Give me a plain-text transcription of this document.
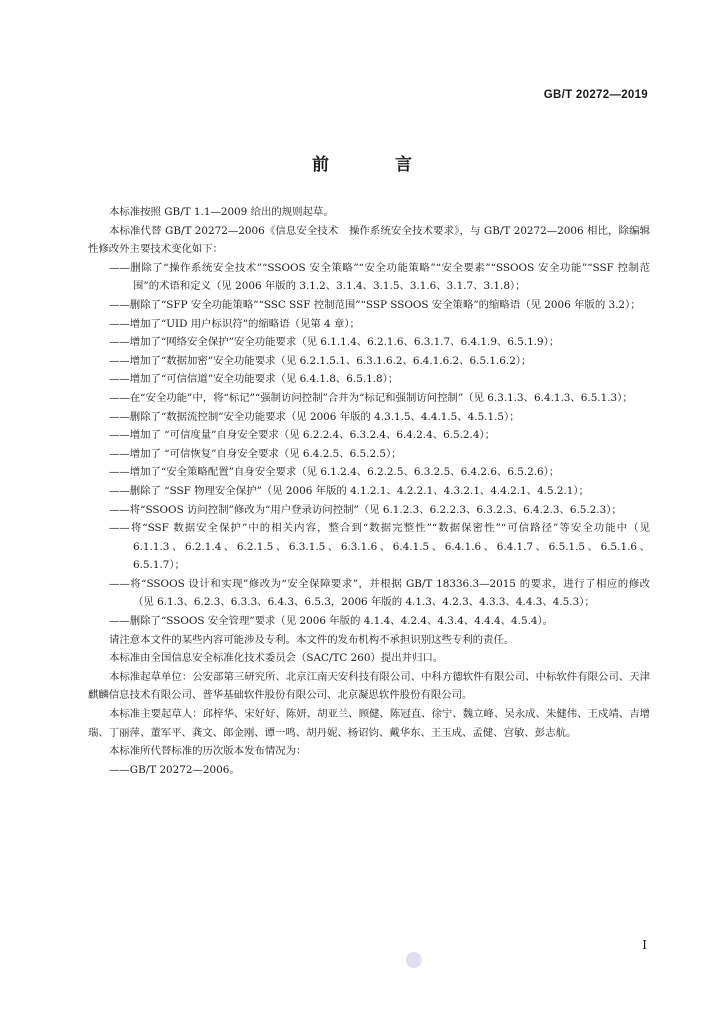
GB/T 20272—2019
前 言

本标准按照 GB/T 1.1—2009 给出的规则起草。

本标准代替 GB/T 20272—2006《信息安全技术　操作系统安全技术要求》，与 GB/T 20272—2006 相比，除编辑性修改外主要技术变化如下：

——删除了“操作系统安全技术”“SSOOS 安全策略”“安全功能策略”“安全要素”“SSOOS 安全功能”“SSF 控制范围”的术语和定义（见 2006 年版的 3.1.2、3.1.4、3.1.5、3.1.6、3.1.7、3.1.8）；

——删除了“SFP 安全功能策略”“SSC SSF 控制范围”“SSP SSOOS 安全策略”的缩略语（见 2006 年版的 3.2）；

——增加了“UID 用户标识符”的缩略语（见第 4 章）；

——增加了“网络安全保护”安全功能要求（见 6.1.1.4、6.2.1.6、6.3.1.7、6.4.1.9、6.5.1.9）；

——增加了“数据加密”安全功能要求（见 6.2.1.5.1、6.3.1.6.2、6.4.1.6.2、6.5.1.6.2）；

——增加了“可信信道”安全功能要求（见 6.4.1.8、6.5.1.8）；

——在“安全功能”中，将“标记”“强制访问控制”合并为“标记和强制访问控制”（见 6.3.1.3、6.4.1.3、6.5.1.3）；

——删除了“数据流控制”安全功能要求（见 2006 年版的 4.3.1.5、4.4.1.5、4.5.1.5）；

——增加了 “可信度量”自身安全要求（见 6.2.2.4、6.3.2.4、6.4.2.4、6.5.2.4）；

——增加了 “可信恢复”自身安全要求（见 6.4.2.5、6.5.2.5）；

——增加了“安全策略配置”自身安全要求（见 6.1.2.4、6.2.2.5、6.3.2.5、6.4.2.6、6.5.2.6）；

——删除了 “SSF 物理安全保护”（见 2006 年版的 4.1.2.1、4.2.2.1、4.3.2.1、4.4.2.1、4.5.2.1）；

——将“SSOOS 访问控制”修改为“用户登录访问控制”（见 6.1.2.3、6.2.2.3、6.3.2.3、6.4.2.3、6.5.2.3）；

——将“SSF 数据安全保护”中的相关内容，整合到“数据完整性”“数据保密性”“可信路径”等安全功能中（见 6.1.1.3、6.2.1.4、6.2.1.5、6.3.1.5、6.3.1.6、6.4.1.5、6.4.1.6、6.4.1.7、6.5.1.5、6.5.1.6、6.5.1.7）；

——将“SSOOS 设计和实现”修改为“安全保障要求”，并根据 GB/T 18336.3—2015 的要求，进行了相应的修改（见 6.1.3、6.2.3、6.3.3、6.4.3、6.5.3，2006 年版的 4.1.3、4.2.3、4.3.3、4.4.3、4.5.3）；

——删除了“SSOOS 安全管理”要求（见 2006 年版的 4.1.4、4.2.4、4.3.4、4.4.4、4.5.4）。

请注意本文件的某些内容可能涉及专利。本文件的发布机构不承担识别这些专利的责任。

本标准由全国信息安全标准化技术委员会（SAC/TC 260）提出并归口。

本标准起草单位：公安部第三研究所、北京江南天安科技有限公司、中科方德软件有限公司、中标软件有限公司、天津麒麟信息技术有限公司、普华基础软件股份有限公司、北京凝思软件股份有限公司。

本标准主要起草人：邱梓华、宋好好、陈妍、胡亚兰、顾健、陈冠直、徐宁、魏立峰、吴永成、朱健伟、王戍靖、吉增瑞、丁丽萍、董军平、龚文、郎金刚、谭一鸣、胡丹妮、杨诏钧、戴华东、王玉成、孟健、宫敏、彭志航。

本标准所代替标准的历次版本发布情况为：

——GB/T 20272—2006。

I
